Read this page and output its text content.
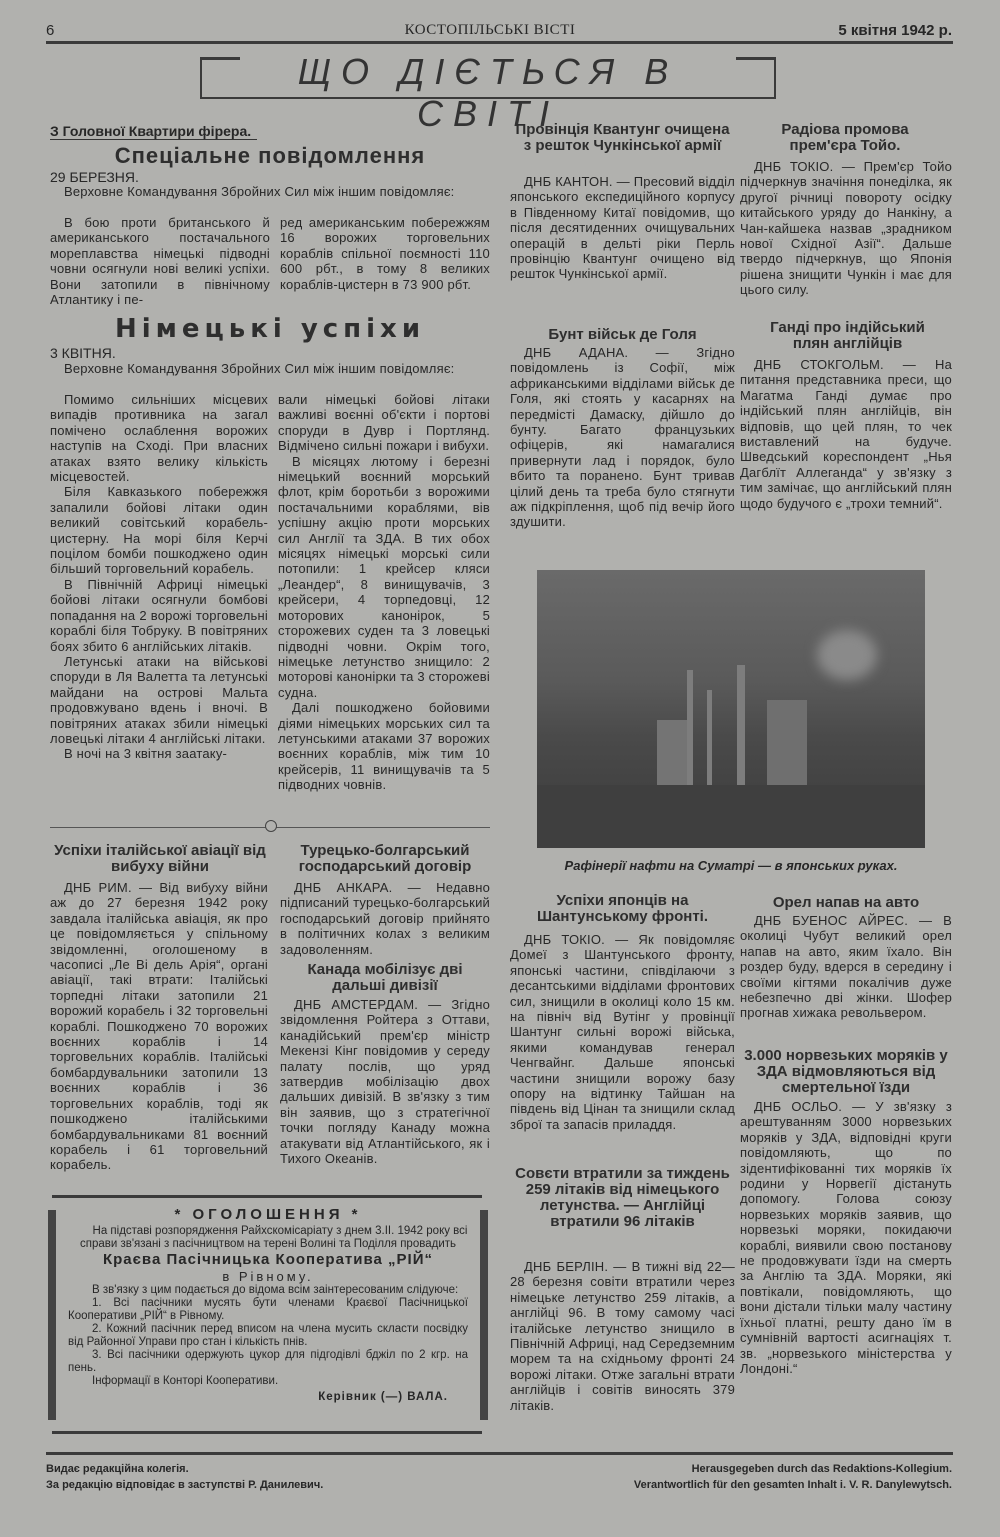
6	КОСТОПІЛЬСЬКІ ВІСТІ	5 квітня 1942 р.
ЩО ДІЄТЬСЯ В СВІТІ
З Головної Квартири фірера.
Спеціальне повідомлення
29 БЕРЕЗНЯ.

Верховне Командування Збройних Сил між іншим повідомляє:

В бою проти британського й американського постачального мореплавства німецькі підводні човни осягнули нові великі успіхи. Вони затопили в північному Атлантику і пе-

ред американським побережжям 16 ворожих торговельних кораблів спільної поємності 110 600 рбт., в тому 8 великих кораблів-цистерн в 73 900 рбт.

Німецькі успіхи
3 КВІТНЯ.

Верховне Командування Збройних Сил між іншим повідомляє:

Помимо сильніших місцевих випадів противника на загал помічено ослаблення ворожих наступів на Сході. При власних атаках взято велику кількість місцевостей.

Біля Кавказького побережжя запалили бойові літаки один великий совітський корабель-цистерну. На морі біля Керчі поцілом бомби пошкоджено один більший торговельний корабель.

В Північній Африці німецькі бойові літаки осягнули бомбові попадання на 2 ворожі торговельні кораблі біля Тобруку. В повітряних боях збито 6 англійських літаків.

Летунські атаки на військові споруди в Ля Валетта та летунські майдани на острові Мальта продовжувано вдень і вночі. В повітряних атаках збили німецькі ловецькі літаки 4 англійські літаки.

В ночі на 3 квітня заатаку-

вали німецькі бойові літаки важливі воєнні об'єкти і портові споруди в Дувр і Портлянд. Відмічено сильні пожари і вибухи.

В місяцях лютому і березні німецький воєнний морський флот, крім боротьби з ворожими постачальними кораблями, вів успішну акцію проти морських сил Англії та ЗДА. В тих обох місяцях німецькі морські сили потопили: 1 крейсер кляси „Леандер“, 8 винищувачів, 3 крейсери, 4 торпедовці, 12 моторових канонірок, 5 сторожевих суден та 3 ловецькі підводні човни. Окрім того, німецьке летунство знищило: 2 моторові канонірки та 3 сторожеві судна.

Далі пошкоджено бойовими діями німецьких морських сил та летунськими атаками 37 ворожих воєнних кораблів, між тим 10 крейсерів, 11 винищувачів та 5 підводних човнів.

Успіхи італійської авіації від вибуху війни

ДНБ РИМ. — Від вибуху війни аж до 27 березня 1942 року завдала італійська авіація, як про це повідомляється у спільному звідомленні, оголошеному в часописі „Ле Ві дель Арія“, органі авіації, такі втрати: Італійські торпедні літаки затопили 21 ворожий корабель і 32 торговельні кораблі. Пошкоджено 70 ворожих воєнних кораблів і 14 торговельних кораблів. Італійські бомбардувальники затопили 13 воєнних кораблів і 36 торговельних кораблів, тоді як пошкоджено італійськими бомбардувальниками 81 воєнний корабель і 61 торговельний корабель.

Турецько-болгарський господарський договір

ДНБ АНКАРА. — Недавно підписаний турецько-болгарський господарський договір прийнято в політичних колах з великим задоволенням.

Канада мобілізує дві дальші дивізії

ДНБ АМСТЕРДАМ. — Згідно звідомлення Ройтера з Оттави, канадійський прем'єр міністр Мекензі Кінг повідомив у середу палату послів, що уряд затвердив мобілізацію двох дальших дивізій. В зв'язку з тим він заявив, що з стратегічної точки погляду Канаду можна атакувати від Атлантійського, як і Тихого Океанів.

* ОГОЛОШЕННЯ *
На підставі розпорядження Райхскомісаріату з днем 3.II. 1942 року всі справи зв'язані з пасічництвом на терені Волині та Поділля провадить
Краєва Пасічницька Кооператива „РІЙ“
в Рівному.
В зв'язку з цим подається до відома всім заінтересованим слідуюче:
1. Всі пасічники мусять бути членами Краєвої Пасічницької Кооперативи „РІЙ“ в Рівному.
2. Кожний пасічник перед вписом на члена мусить скласти посвідку від Районної Управи про стан і кількість пнів.
3. Всі пасічники одержують цукор для підгодівлі бджіл по 2 кгр. на пень.
Інформації в Конторі Кооперативи.
Керівник (—) ВАЛА.
Провінція Квантунг очищена з решток Чункінської армії

ДНБ КАНТОН. — Пресовий відділ японського експедиційного корпусу в Південному Китаї повідомив, що після десятиденних очищувальних операцій в дельті ріки Перль провінцію Квантунг очищено від решток Чункінської армії.

Бунт військ де Голя

ДНБ АДАНА. — Згідно повідомлень із Софії, між африканськими відділами військ де Голя, які стоять у касарнях на передмісті Дамаску, дійшло до бунту. Багато французьких офіцерів, які намагалися привернути лад і порядок, було вбито та поранено. Бунт тривав цілий день та треба було стягнути аж підкріплення, щоб під вечір його здушити.

Радіова промова прем'єра Тойо.

ДНБ ТОКІО. — Прем'єр Тойо підчеркнув значіння понеділка, як другої річниці повороту осідку китайського уряду до Нанкіну, а Чан-кайшека назвав „зрадником нової Східної Азії“. Дальше твердо підчеркнув, що Японія рішена знищити Чункін і має для цього силу.

Ганді про індійський плян англійців

ДНБ СТОКГОЛЬМ. — На питання представника преси, що Магатма Ганді думає про індійський плян англійців, він відповів, що цей плян, то чек виставлений на будуче. Шведський кореспондент „Нья Дагблїт Аллеганда“ у зв'язку з тим замічає, що англійський плян щодо будучого є „трохи темний“.

Рафінерії нафти на Суматрі — в японських руках.
Успіхи японців на Шантунському фронті.

ДНБ ТОКІО. — Як повідомляє Домеї з Шантунського фронту, японські частини, співділаючи з десантськими відділами фронтових сил, знищили в околиці коло 15 км. на північ від Вутінг у провінції Шантунг сильні ворожі війська, якими командував генерал Ченгвайнг. Дальше японські частини знищили ворожу базу опору на відтинку Тайшан на південь від Цінан та знищили склад зброї та запасів приладдя.

Совєти втратили за тиждень 259 літаків від німецького летунства. — Англійці втратили 96 літаків

ДНБ БЕРЛІН. — В тижні від 22—28 березня совіти втратили через німецьке летунство 259 літаків, а англійці 96. В тому самому часі італійське летунство знищило в Північній Африці, над Середземним морем та на східньому фронті 24 ворожі літаки. Отже загальні втрати англійців і совітів виносять 379 літаків.

Орел напав на авто

ДНБ БУЕНОС АЙРЕС. — В околиці Чубут великий орел напав на авто, яким їхало. Він роздер буду, вдерся в середину і своїми кігтями покалічив дуже небезпечно дві жінки. Шофер прогнав хижака револьвером.

3.000 норвезьких моряків у ЗДА відмовляються від смертельної їзди

ДНБ ОСЛЬО. — У зв'язку з арештуванням 3000 норвезьких моряків у ЗДА, відповідні круги повідомляють, що по зідентифікованні тих моряків їх родини у Норвегії дістануть допомогу. Голова союзу норвезьких моряків заявив, що норвезькі моряки, покидаючи кораблі, виявили свою постанову не продовжувати їзди на смерть за Англію та ЗДА. Моряки, які повтікали, повідомляють, що вони дістали тільки малу частину їхньої платні, решту дано їм в сумнівній вартості асигнаціях т. зв. „норвезького міністерства у Лондоні.“

Видає редакційна колегія.
За редакцію відповідає в заступстві Р. Данилевич.
Herausgegeben durch das Redaktions-Kollegium.
Verantwortlich für den gesamten Inhalt i. V. R. Danylewytsch.
